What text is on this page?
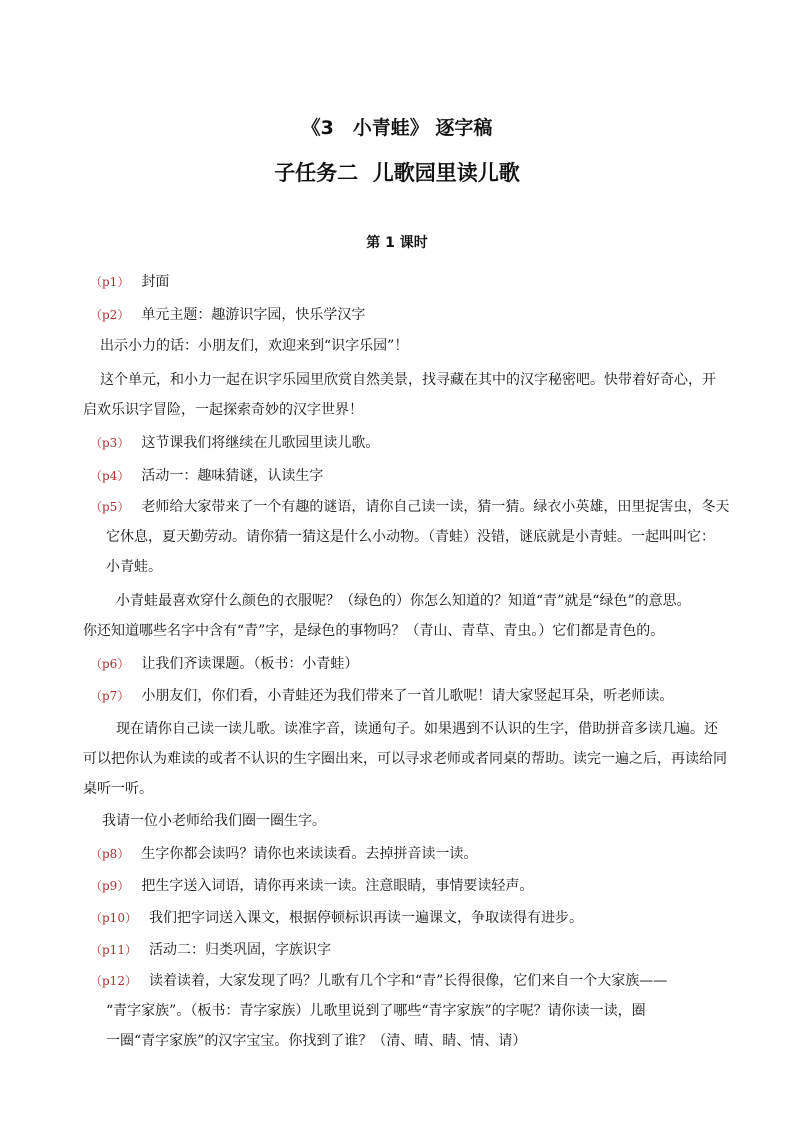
《3　小青蛙》 逐字稿
子任务二  儿歌园里读儿歌
第 1 课时
（p1） 封面
（p2） 单元主题：趣游识字园，快乐学汉字
出示小力的话：小朋友们，欢迎来到“识字乐园”！
这个单元，和小力一起在识字乐园里欣赏自然美景，找寻藏在其中的汉字秘密吧。快带着好奇心，开
启欢乐识字冒险，一起探索奇妙的汉字世界！
（p3） 这节课我们将继续在儿歌园里读儿歌。
（p4） 活动一：趣味猜谜，认读生字
（p5） 老师给大家带来了一个有趣的谜语，请你自己读一读，猜一猜。绿衣小英雄，田里捉害虫，冬天
它休息，夏天勤劳动。请你猜一猜这是什么小动物。（青蛙）没错，谜底就是小青蛙。一起叫叫它：
小青蛙。
小青蛙最喜欢穿什么颜色的衣服呢？（绿色的）你怎么知道的？知道“青”就是“绿色”的意思。
你还知道哪些名字中含有“青”字，是绿色的事物吗？（青山、青草、青虫。）它们都是青色的。
（p6） 让我们齐读课题。（板书：小青蛙）
（p7） 小朋友们，你们看，小青蛙还为我们带来了一首儿歌呢！请大家竖起耳朵，听老师读。
现在请你自己读一读儿歌。读准字音，读通句子。如果遇到不认识的生字，借助拼音多读几遍。还
可以把你认为难读的或者不认识的生字圈出来，可以寻求老师或者同桌的帮助。读完一遍之后，再读给同
桌听一听。
我请一位小老师给我们圈一圈生字。
（p8） 生字你都会读吗？请你也来读读看。去掉拼音读一读。
（p9） 把生字送入词语，请你再来读一读。注意眼睛，事情要读轻声。
（p10） 我们把字词送入课文，根据停顿标识再读一遍课文，争取读得有进步。
（p11） 活动二：归类巩固，字族识字
（p12） 读着读着，大家发现了吗？儿歌有几个字和“青”长得很像，它们来自一个大家族——
“青字家族”。（板书：青字家族）儿歌里说到了哪些“青字家族”的字呢？请你读一读，圈
一圈“青字家族”的汉字宝宝。你找到了谁？（清、晴、睛、情、请）
